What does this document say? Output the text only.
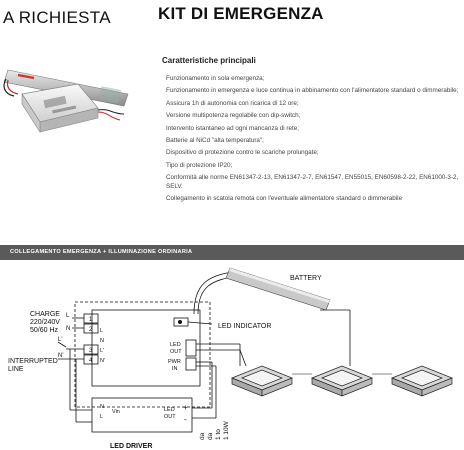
A RICHIESTA	KIT DI EMERGENZA
Caratteristiche principali
Funzionamento in sola emergenza;
Funzionamento in emergenza e luce continua in abbinamento con l'alimentatore standard o dimmerabile;
Assicura 1h di autonomia con ricarica di 12 ore;
Versione multipotenza regolabile con dip-switch;
Intervento istantaneo ad ogni mancanza di rete;
Batterie al NiCd "alta temperatura";
Dispositivo di protezione contro le scariche prolungate;
Tipo di protezione IP20;
Conformità alle norme EN61347-2-13, EN61347-2-7, EN61547, EN55015, EN60598-2-22, EN61000-3-2, SELV.
Collegamento in scatola remota con l'eventuale alimentatore standard o dimmerabile
COLLEGAMENTO EMERGENZA + ILLUMINAZIONE ORDINARIA
BATTERY
LED INDICATOR
CHARGE
220/240V
50/60 Hz
INTERRUPTED
LINE
L
N
L'
N'
1
2
3
4
L
N
L'
N'
LED
OUT
PWR
IN
N
L
Vin	LED
OUT
+
-
LED DRIVER
da da 1 to 1 10W
